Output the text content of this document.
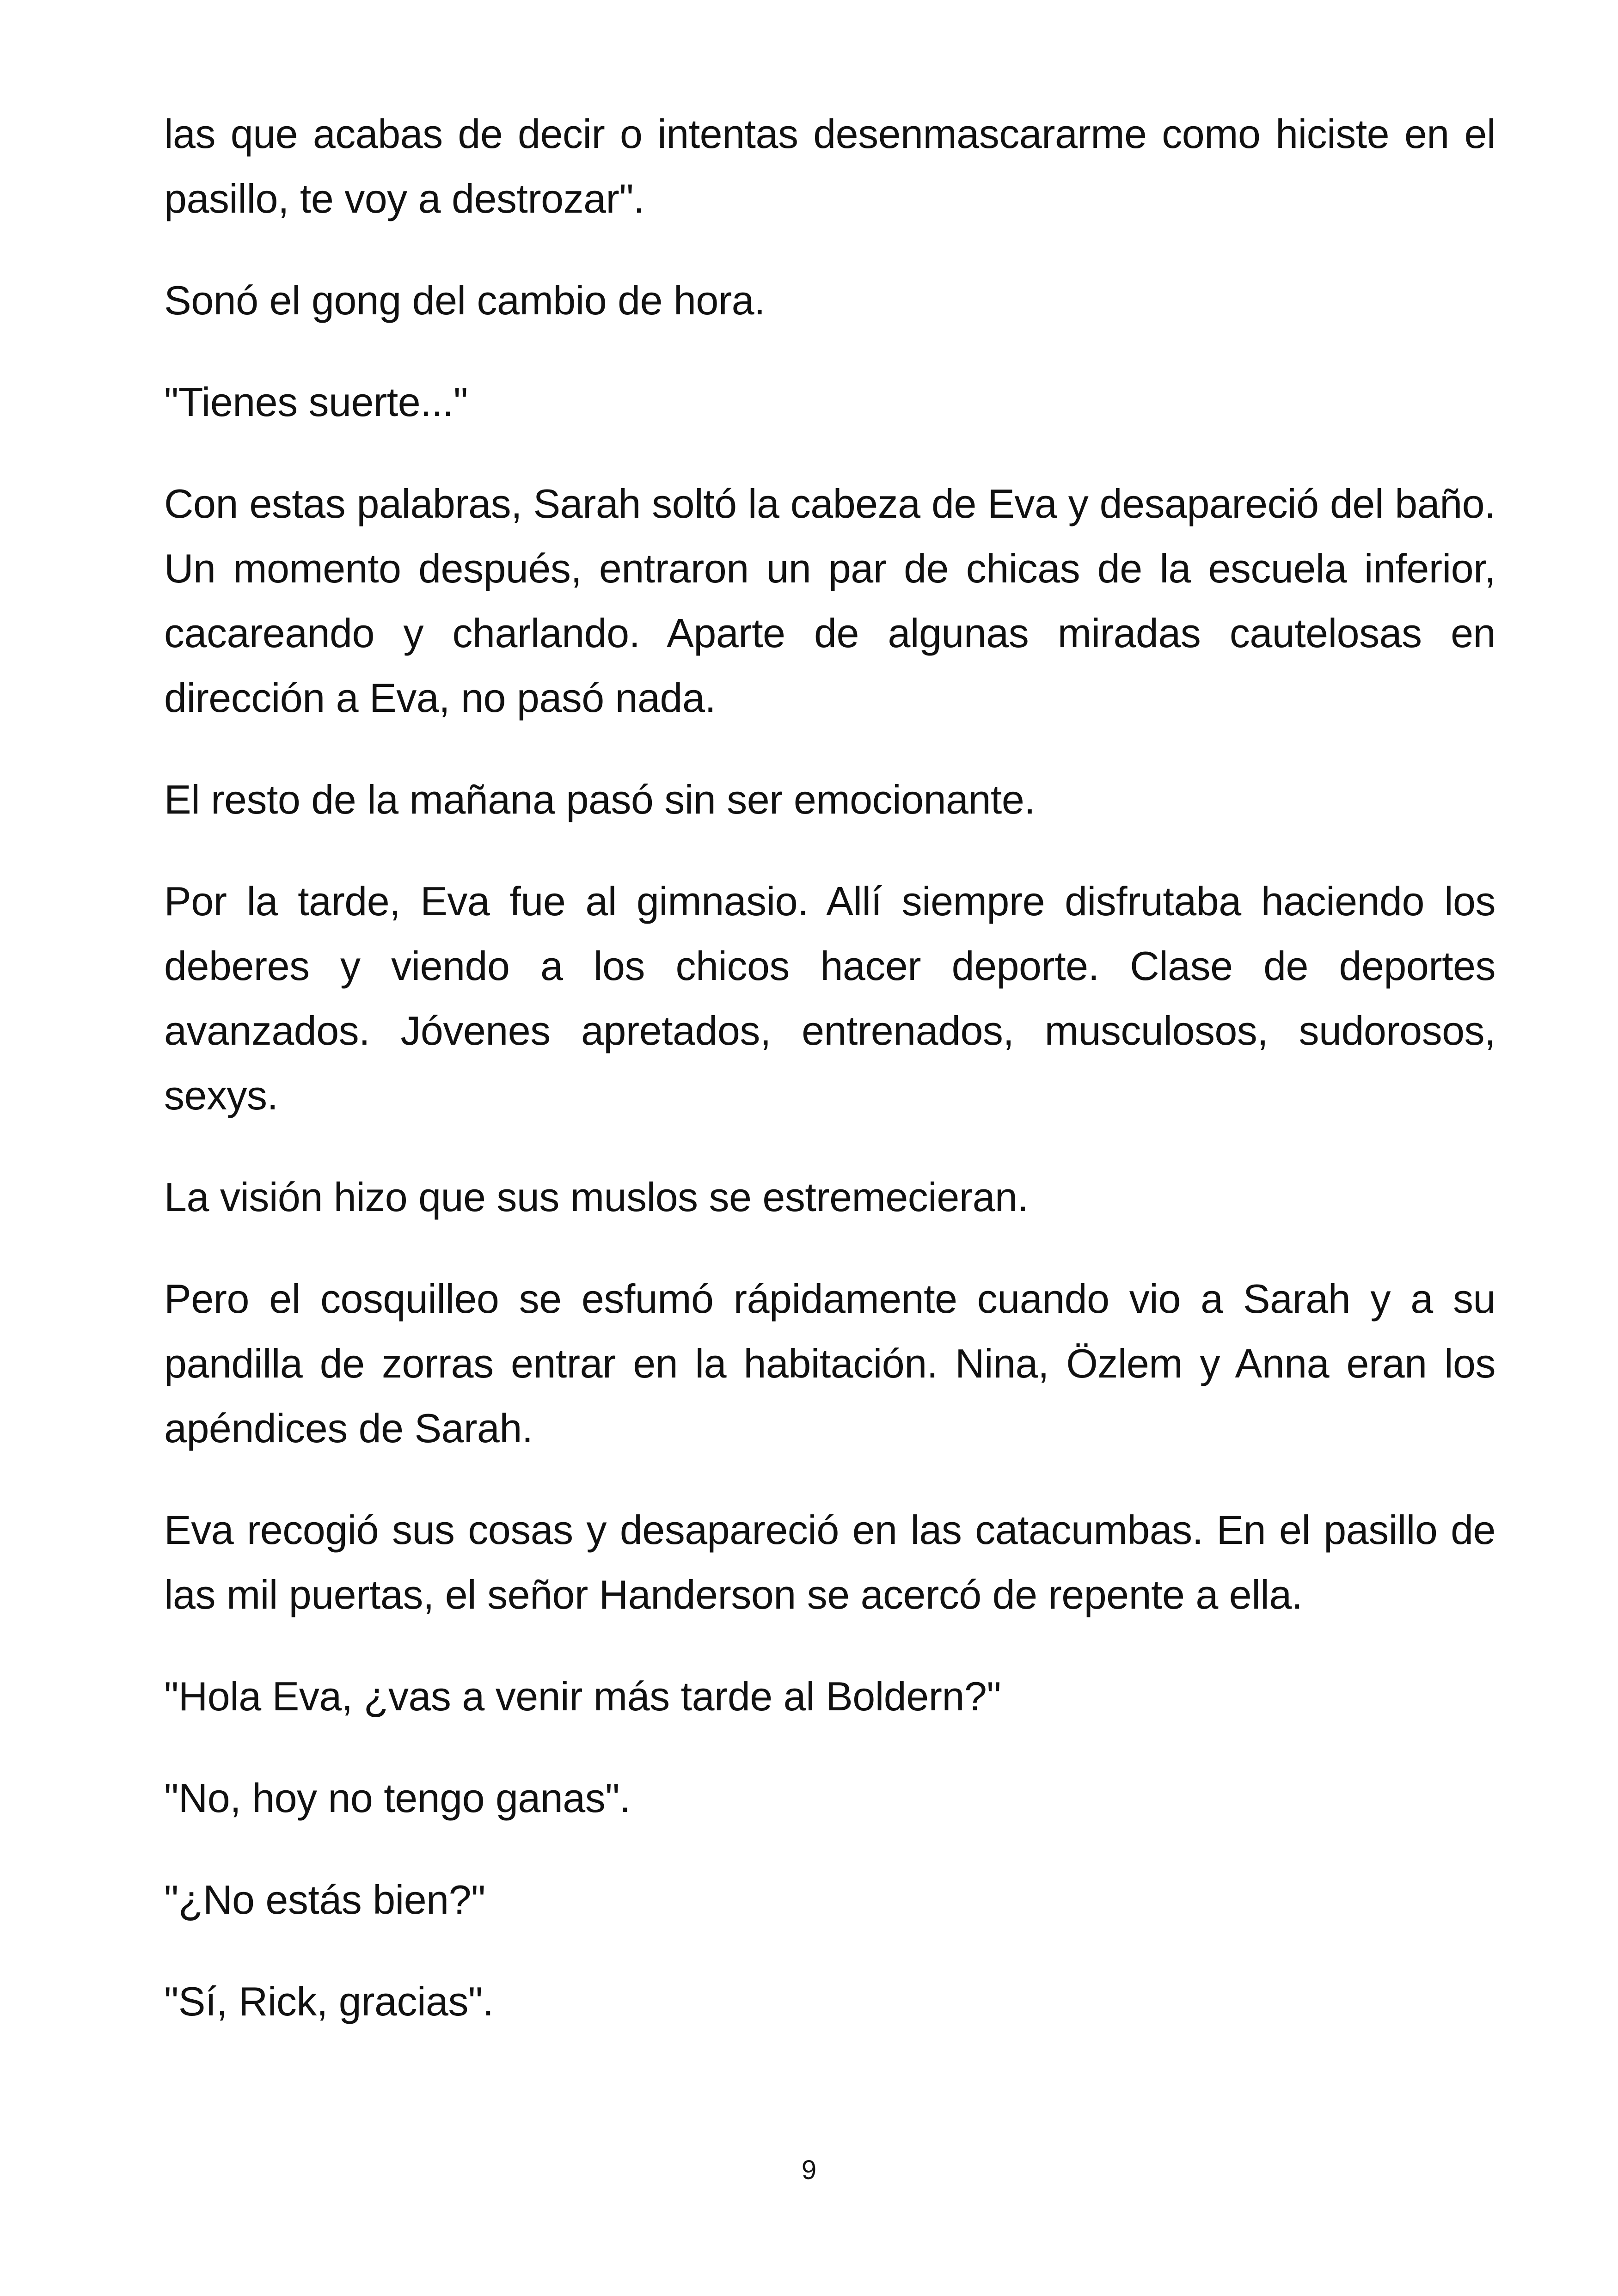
las que acabas de decir o intentas desenmascararme como hiciste en el pasillo, te voy a destrozar".

Sonó el gong del cambio de hora.

"Tienes suerte..."

Con estas palabras, Sarah soltó la cabeza de Eva y desapareció del baño. Un momento después, entraron un par de chicas de la escuela inferior, cacareando y charlando. Aparte de algunas miradas cautelosas en dirección a Eva, no pasó nada.

El resto de la mañana pasó sin ser emocionante.

Por la tarde, Eva fue al gimnasio. Allí siempre disfrutaba haciendo los deberes y viendo a los chicos hacer deporte. Clase de deportes avanzados. Jóvenes apretados, entrenados, musculosos, sudorosos, sexys.

La visión hizo que sus muslos se estremecieran.

Pero el cosquilleo se esfumó rápidamente cuando vio a Sarah y a su pandilla de zorras entrar en la habitación. Nina, Özlem y Anna eran los apéndices de Sarah.

Eva recogió sus cosas y desapareció en las catacumbas. En el pasillo de las mil puertas, el señor Handerson se acercó de repente a ella.

"Hola Eva, ¿vas a venir más tarde al Boldern?"

"No, hoy no tengo ganas".

"¿No estás bien?"

"Sí, Rick, gracias".

9
